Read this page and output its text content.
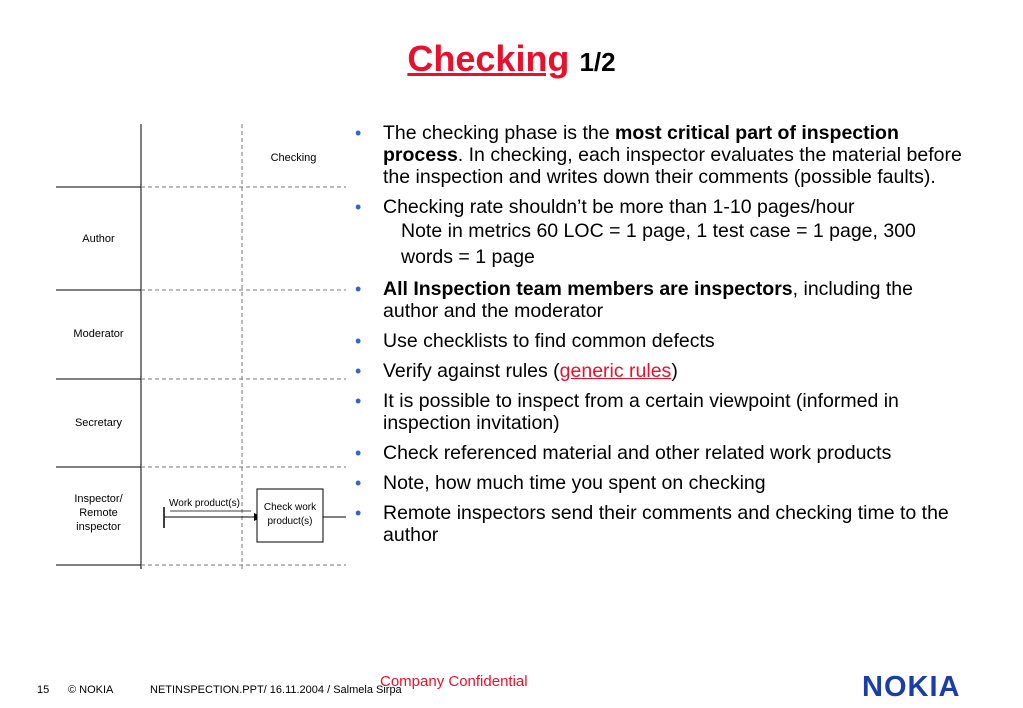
Checking 1/2
Checking
Author
Moderator
Secretary
Inspector/
Remote
inspector
Work product(s)	Check work
product(s)
• The checking phase is the most critical part of inspection process. In checking, each inspector evaluates the material before the inspection and writes down their comments (possible faults).
• Checking rate shouldn’t be more than 1-10 pages/hour
Note in metrics 60 LOC = 1 page, 1 test case = 1 page, 300 words = 1 page
• All Inspection team members are inspectors, including the author and the moderator
• Use checklists to find common defects
• Verify against rules (generic rules)
• It is possible to inspect from a certain viewpoint (informed in inspection invitation)
• Check referenced material and other related work products
• Note, how much time you spent on checking
• Remote inspectors send their comments and checking time to the author
15 © NOKIA	NETINSPECTION.PPT/ 16.11.2004 / Salmela Sirpa
Company Confidential	NOKIA
